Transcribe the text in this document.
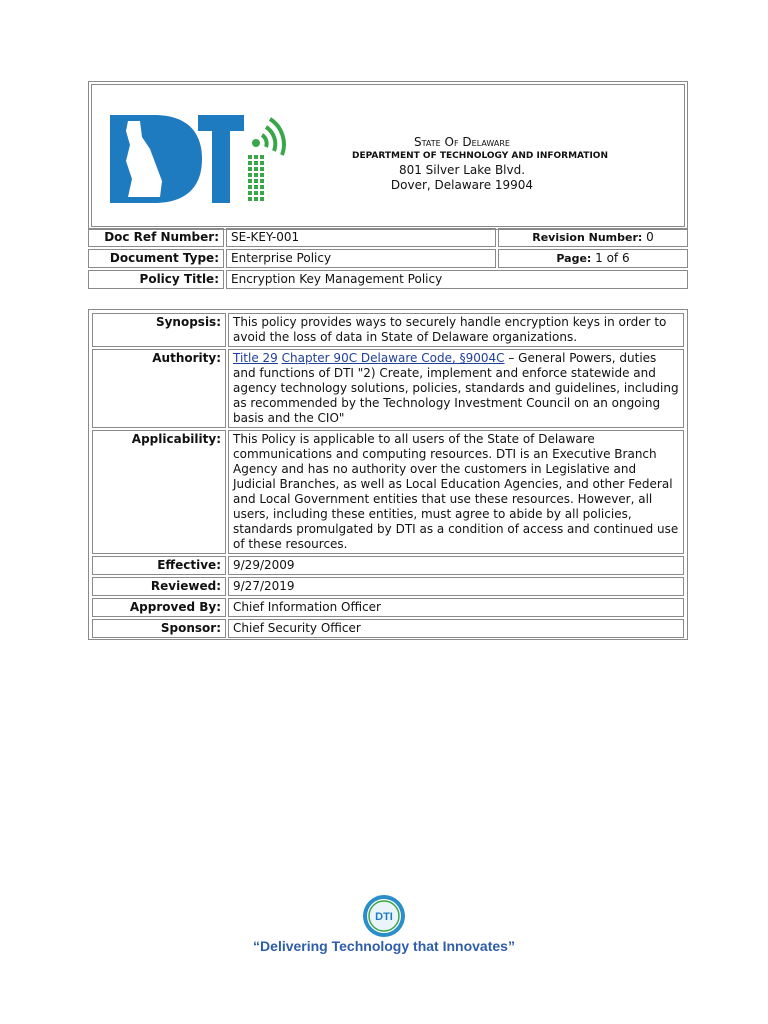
State Of Delaware
DEPARTMENT OF TECHNOLOGY AND INFORMATION
801 Silver Lake Blvd.
Dover, Delaware 19904
Doc Ref Number:	SE-KEY-001	Revision Number: 0
Document Type:	Enterprise Policy	Page: 1 of 6
Policy Title:	Encryption Key Management Policy	
Synopsis:	This policy provides ways to securely handle encryption keys in order to avoid the loss of data in State of Delaware organizations.
Authority:	Title 29 Chapter 90C Delaware Code, §9004C – General Powers, duties and functions of DTI "2) Create, implement and enforce statewide and agency technology solutions, policies, standards and guidelines, including as recommended by the Technology Investment Council on an ongoing basis and the CIO"
Applicability:	This Policy is applicable to all users of the State of Delaware communications and computing resources. DTI is an Executive Branch Agency and has no authority over the customers in Legislative and Judicial Branches, as well as Local Education Agencies, and other Federal and Local Government entities that use these resources. However, all users, including these entities, must agree to abide by all policies, standards promulgated by DTI as a condition of access and continued use of these resources.
Effective:	9/29/2009
Reviewed:	9/27/2019
Approved By:	Chief Information Officer
Sponsor:	Chief Security Officer
DTI
“Delivering Technology that Innovates”
